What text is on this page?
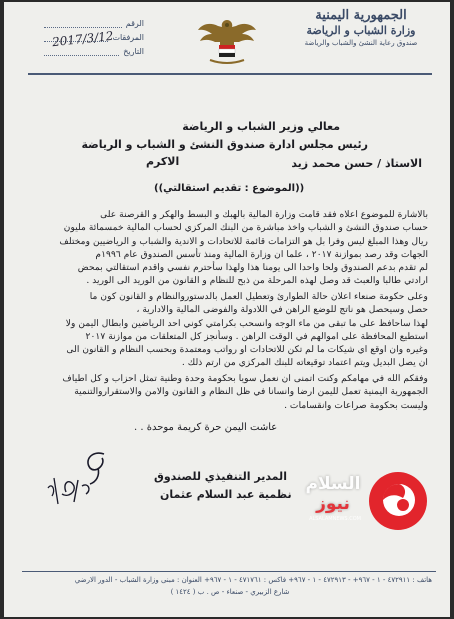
الجمهورية اليمنية
وزارة الشباب و الرياضة
صندوق رعاية النشئ والشباب والرياضة
الرقم
المرفقات
التاريخ
2017/3/12
معالي وزير الشباب و الرياضة
رئيس مجلس ادارة صندوق النشئ و الشباب و الرياضة
الاستاذ / حسن محمد زيد
الاكرم
((الموضوع : تقديم استقالتي))
بالاشارة للموضوع اعلاه فقد قامت وزارة المالية بالهبك و البسط والهكر و القرصنة على
حساب صندوق النشئ و الشباب واخذ مباشرة من البنك المركزي لحساب المالية خمسمائة مليون
ريال وهذا المبلغ ليس وفرا بل هو التزامات قائمة للاتحادات و الاندية والشباب و الرياضيين ومختلف
الجهات وقد رصد بموازنة ٢٠١٧ ، علما ان وزارة المالية ومنذ تأسس الصندوق عام ١٩٩٦م
لم تقدم بدعم الصندوق ولحا واحدا الى يومنا هذا ولهذا سأحترم نفسي واقدم استقالتي بمحض
ارادتي طالبا والعبث قد وصل لهذه المرحلة من ذبح للنظام و القانون من الوريد الى الوريد .
وعلى حكومة صنعاء اعلان حالة الطوارئ وتعطيل العمل بالدستوروالنظام و القانون كون ما
حصل وسيحصل هو ناتج للوضع الراهن في اللادولة والفوضى المالية والادارية ،
لهذا ساحافظ على ما تبقى من ماء الوجه وانسحب بكرامتي كوني احد الرياضين وابطال اليمن ولا
استطيع المحافظة على اموالهم في الوقت الراهن . وسأنجز كل المتعلقات من موازنة ٢٠١٧
وغيره وان اوقع اي شيكات ما لم تكن للاتحادات او رواتب ومعتمدة وبحسب النظام و القانون الى
ان يصل البديل ويتم اعتماد توقيعاته للبنك المركزي من ارتم ذلك .
وفقكم الله في مهامكم وكنت اتمنى ان نعمل سويا بحكومة وحدة وطنية تمثل احزاب و كل اطياف
الجمهورية اليمنية تعمل لليمن ارضا وانسانا في ظل النظام و القانون والامن والاستقراروالتنمية
وليست بحكومة صراعات وانقسامات .
عاشت اليمن حرة كريمة موحدة . .
المدير التنفيذي للصندوق
نظمية عبد السلام عثمان
السلام
نيوز
ALSALAMNEWS.COM
هاتف : ٤٧٢٩١١ - ١ - ٩٦٧+ - ٤٧٢٩١٣ - ١ - ٩٦٧+ فاكس : ٤٧١٧٦١ - ١ - ٩٦٧+ العنوان : مبنى وزارة الشباب - الدور الارضي
شارع الزبيري - صنعاء - ص . ب ( ١٤٢٤ )
